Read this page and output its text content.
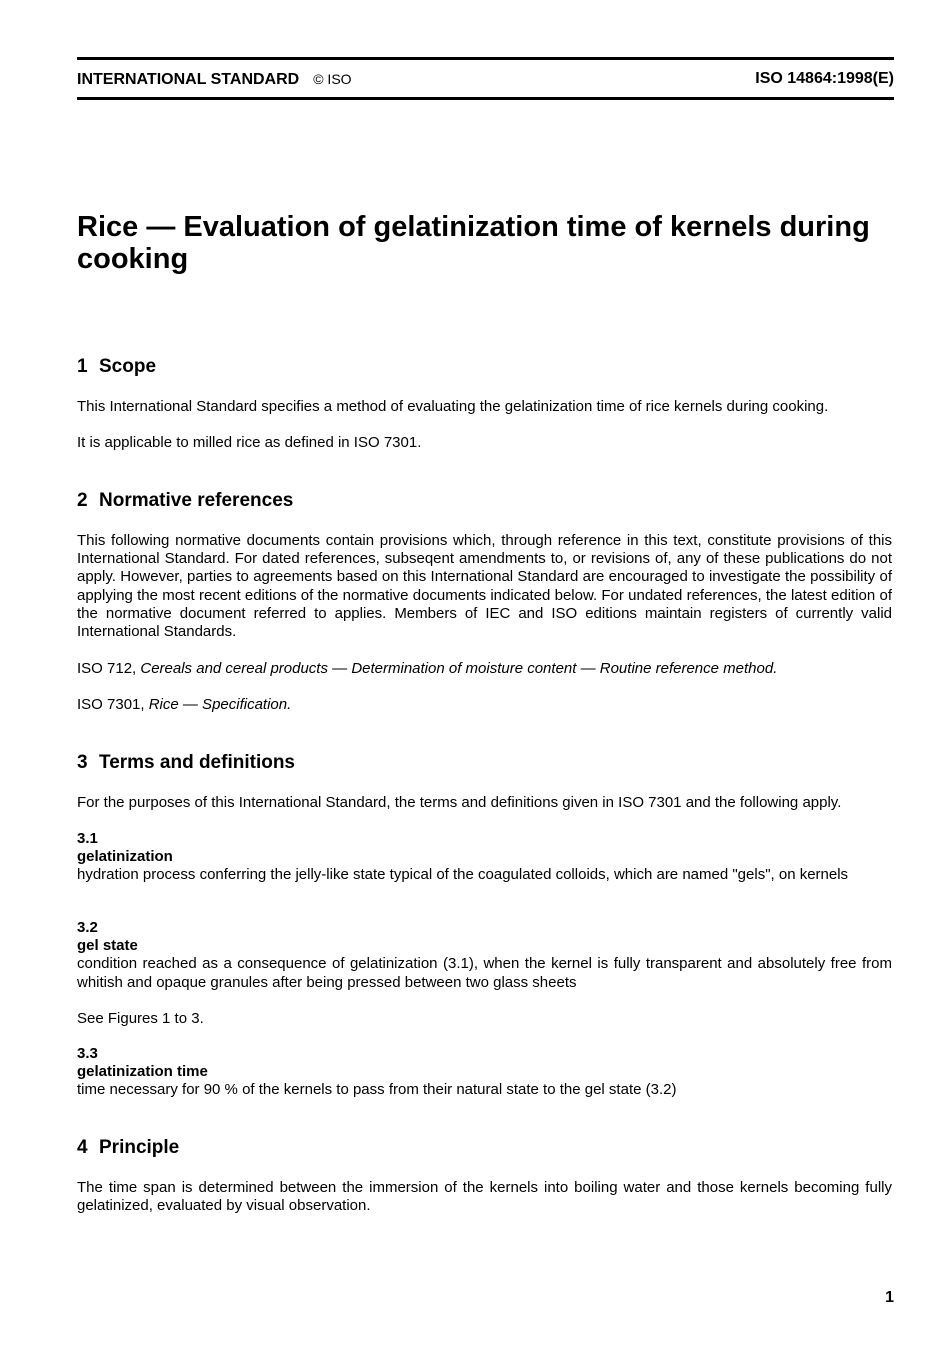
INTERNATIONAL STANDARD © ISO	ISO 14864:1998(E)
Rice — Evaluation of gelatinization time of kernels during cooking
1 Scope

This International Standard specifies a method of evaluating the gelatinization time of rice kernels during cooking.

It is applicable to milled rice as defined in ISO 7301.

2 Normative references

This following normative documents contain provisions which, through reference in this text, constitute provisions of this International Standard. For dated references, subseqent amendments to, or revisions of, any of these publications do not apply. However, parties to agreements based on this International Standard are encouraged to investigate the possibility of applying the most recent editions of the normative documents indicated below. For undated references, the latest edition of the normative document referred to applies. Members of IEC and ISO editions maintain registers of currently valid International Standards.

ISO 712, Cereals and cereal products — Determination of moisture content — Routine reference method.

ISO 7301, Rice — Specification.

3 Terms and definitions

For the purposes of this International Standard, the terms and definitions given in ISO 7301 and the following apply.

3.1
gelatinization
hydration process conferring the jelly-like state typical of the coagulated colloids, which are named "gels", on kernels
3.2
gel state
condition reached as a consequence of gelatinization (3.1), when the kernel is fully transparent and absolutely free from whitish and opaque granules after being pressed between two glass sheets

See Figures 1 to 3.

3.3
gelatinization time
time necessary for 90 % of the kernels to pass from their natural state to the gel state (3.2)
4 Principle

The time span is determined between the immersion of the kernels into boiling water and those kernels becoming fully gelatinized, evaluated by visual observation.

1
